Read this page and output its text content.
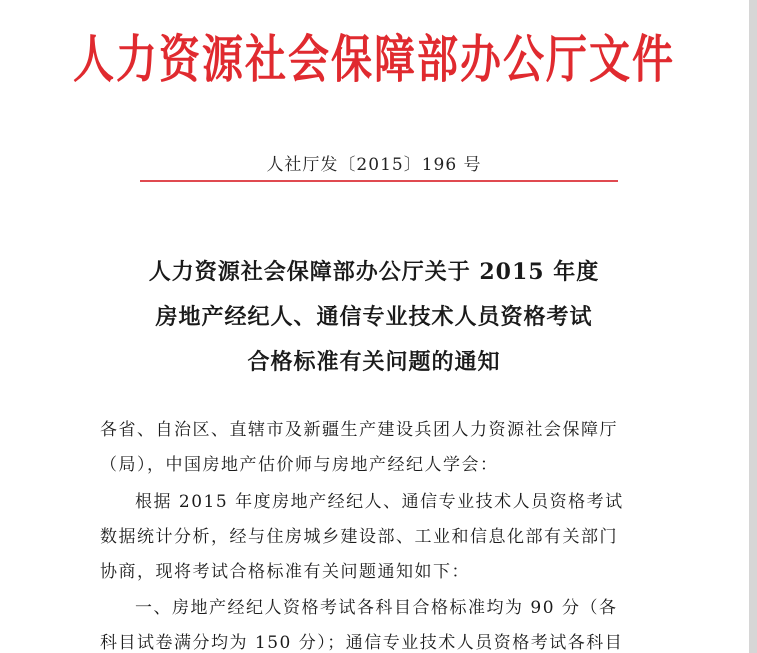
人力资源社会保障部办公厅文件
人社厅发〔2015〕196 号
人力资源社会保障部办公厅关于 2015 年度
房地产经纪人、通信专业技术人员资格考试
合格标准有关问题的通知
各省、自治区、直辖市及新疆生产建设兵团人力资源社会保障厅
（局），中国房地产估价师与房地产经纪人学会：
根据 2015 年度房地产经纪人、通信专业技术人员资格考试
数据统计分析，经与住房城乡建设部、工业和信息化部有关部门
协商，现将考试合格标准有关问题通知如下：
一、房地产经纪人资格考试各科目合格标准均为 90 分（各
科目试卷满分均为 150 分）；通信专业技术人员资格考试各科目
